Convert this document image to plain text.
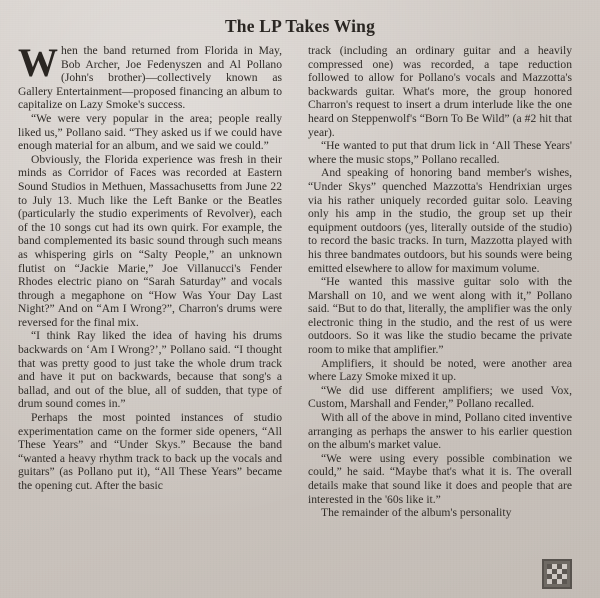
The LP Takes Wing

When the band returned from Florida in May, Bob Archer, Joe Fedenyszen and Al Pollano (John's brother)—collectively known as Gallery Entertainment—proposed financing an album to capitalize on Lazy Smoke's success.

“We were very popular in the area; people really liked us,” Pollano said. “They asked us if we could have enough material for an album, and we said we could.”

Obviously, the Florida experience was fresh in their minds as Corridor of Faces was recorded at Eastern Sound Studios in Methuen, Massachusetts from June 22 to July 13. Much like the Left Banke or the Beatles (particularly the studio experiments of Revolver), each of the 10 songs cut had its own quirk. For example, the band complemented its basic sound through such means as whispering girls on “Salty People,” an unknown flutist on “Jackie Marie,” Joe Villanucci's Fender Rhodes electric piano on “Sarah Saturday” and vocals through a megaphone on “How Was Your Day Last Night?” And on “Am I Wrong?”, Charron's drums were reversed for the final mix.

“I think Ray liked the idea of having his drums backwards on ‘Am I Wrong?’,” Pollano said. “I thought that was pretty good to just take the whole drum track and have it put on backwards, because that song's a ballad, and out of the blue, all of sudden, that type of drum sound comes in.”

Perhaps the most pointed instances of studio experimentation came on the former side openers, “All These Years” and “Under Skys.” Because the band “wanted a heavy rhythm track to back up the vocals and guitars” (as Pollano put it), “All These Years” became the opening cut. After the basic

track (including an ordinary guitar and a heavily compressed one) was recorded, a tape reduction followed to allow for Pollano's vocals and Mazzotta's backwards guitar. What's more, the group honored Charron's request to insert a drum interlude like the one heard on Steppenwolf's “Born To Be Wild” (a #2 hit that year).

“He wanted to put that drum lick in ‘All These Years' where the music stops,” Pollano recalled.

And speaking of honoring band member's wishes, “Under Skys” quenched Mazzotta's Hendrixian urges via his rather uniquely recorded guitar solo. Leaving only his amp in the studio, the group set up their equipment outdoors (yes, literally outside of the studio) to record the basic tracks. In turn, Mazzotta played with his three bandmates outdoors, but his sounds were being emitted elsewhere to allow for maximum volume.

“He wanted this massive guitar solo with the Marshall on 10, and we went along with it,” Pollano said. “But to do that, literally, the amplifier was the only electronic thing in the studio, and the rest of us were outdoors. So it was like the studio became the private room to mike that amplifier.”

Amplifiers, it should be noted, were another area where Lazy Smoke mixed it up.

“We did use different amplifiers; we used Vox, Custom, Marshall and Fender,” Pollano recalled.

With all of the above in mind, Pollano cited inventive arranging as perhaps the answer to his earlier question on the album's market value.

“We were using every possible combination we could,” he said. “Maybe that's what it is. The overall details make that sound like it does and people that are interested in the '60s like it.”

The remainder of the album's personality
